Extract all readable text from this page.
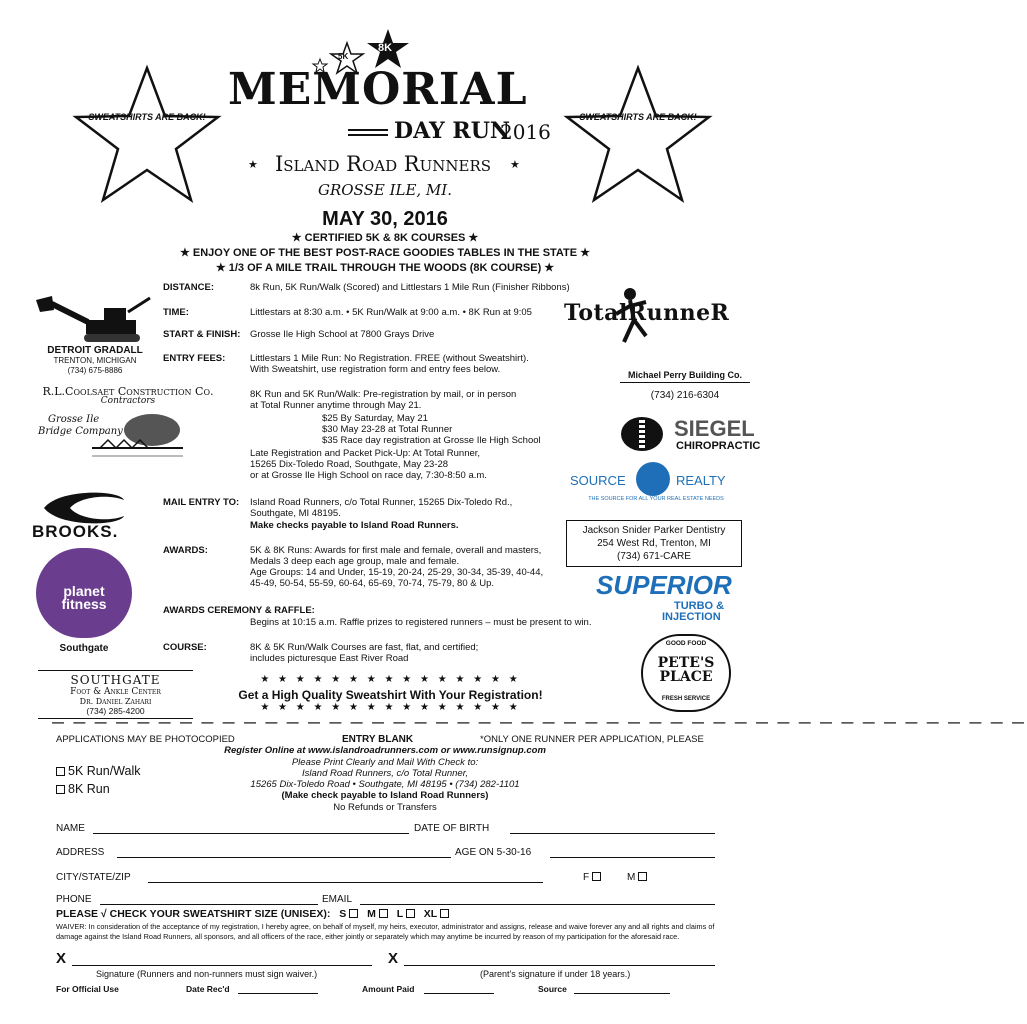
SWEATSHIRTS ARE BACK!	SWEATSHIRTS ARE BACK!
5K
8K
MEMORIAL
DAY RUN
2016
Island Road Runners
★	★
GROSSE ILE, MI.
MAY 30, 2016
★ CERTIFIED 5K & 8K COURSES ★
★ ENJOY ONE OF THE BEST POST-RACE GOODIES TABLES IN THE STATE ★
★ 1/3 OF A MILE TRAIL THROUGH THE WOODS (8K COURSE) ★
DISTANCE:	8k Run, 5K Run/Walk (Scored) and Littlestars 1 Mile Run (Finisher Ribbons)
TIME:	Littlestars at 8:30 a.m. • 5K Run/Walk at 9:00 a.m. • 8K Run at 9:05
START & FINISH: Grosse Ile High School at 7800 Grays Drive
ENTRY FEES:	Littlestars 1 Mile Run: No Registration. FREE (without Sweatshirt).
With Sweatshirt, use registration form and entry fees below.
8K Run and 5K Run/Walk: Pre-registration by mail, or in person
at Total Runner anytime through May 21.
$25 By Saturday, May 21
$30 May 23-28 at Total Runner
$35 Race day registration at Grosse Ile High School
Late Registration and Packet Pick-Up: At Total Runner,
15265 Dix-Toledo Road, Southgate, May 23-28
or at Grosse Ile High School on race day, 7:30-8:50 a.m.
MAIL ENTRY TO: Island Road Runners, c/o Total Runner, 15265 Dix-Toledo Rd.,
Southgate, MI 48195.
Make checks payable to Island Road Runners.
AWARDS:	5K & 8K Runs: Awards for first male and female, overall and masters,
Medals 3 deep each age group, male and female.
Age Groups: 14 and Under, 15-19, 20-24, 25-29, 30-34, 35-39, 40-44,
45-49, 50-54, 55-59, 60-64, 65-69, 70-74, 75-79, 80 & Up.
AWARDS CEREMONY & RAFFLE:
Begins at 10:15 a.m. Raffle prizes to registered runners – must be present to win.
COURSE:	8K & 5K Run/Walk Courses are fast, flat, and certified;
includes picturesque East River Road
★ ★ ★ ★ ★ ★ ★ ★ ★ ★ ★ ★ ★ ★ ★
Get a High Quality Sweatshirt With Your Registration!
★ ★ ★ ★ ★ ★ ★ ★ ★ ★ ★ ★ ★ ★ ★
DETROIT GRADALL
TRENTON, MICHIGAN
(734) 675-8886
R.L.Coolsaet Construction Co.
Contractors
Grosse Ile
Bridge Company
BROOKS.
planet fitness
Southgate
SOUTHGATE
Foot & Ankle Center
Dr. Daniel Zahari
(734) 285-4200
TotalRunneR
Michael Perry Building Co.
(734) 216-6304
SIEGEL
CHIROPRACTIC
SOURCE	REALTY
THE SOURCE FOR ALL YOUR REAL ESTATE NEEDS
Jackson Snider Parker Dentistry
254 West Rd, Trenton, MI
(734) 671-CARE
SUPERIOR
TURBO &
INJECTION
GOOD FOOD
PETE'S PLACE
FRESH SERVICE
— — — — — — — — — — — — — — — — — — — — — — — — — — — — — — — — — — — — — — — — — — — — — —
APPLICATIONS MAY BE PHOTOCOPIED	ENTRY BLANK	*ONLY ONE RUNNER PER APPLICATION, PLEASE
Register Online at www.islandroadrunners.com or www.runsignup.com
Please Print Clearly and Mail With Check to:
Island Road Runners, c/o Total Runner,
15265 Dix-Toledo Road • Southgate, MI 48195 • (734) 282-1101
(Make check payable to Island Road Runners)
No Refunds or Transfers
5K Run/Walk
8K Run
NAME	DATE OF BIRTH
ADDRESS	AGE ON 5-30-16
CITY/STATE/ZIP	F	M
PHONE	EMAIL
PLEASE √ CHECK YOUR SWEATSHIRT SIZE (UNISEX): S M L XL
WAIVER: In consideration of the acceptance of my registration, I hereby agree, on behalf of myself, my heirs, executor, administrator and assigns, release and waive forever any and all rights and claims of damage against the Island Road Runners, all sponsors, and all officers of the race, either jointly or separately which may anytime be incurred by reason of my participation for the aforesaid race.
X
Signature (Runners and non-runners must sign waiver.)
X
(Parent's signature if under 18 years.)
For Official Use	Date Rec'd	Amount Paid	Source
